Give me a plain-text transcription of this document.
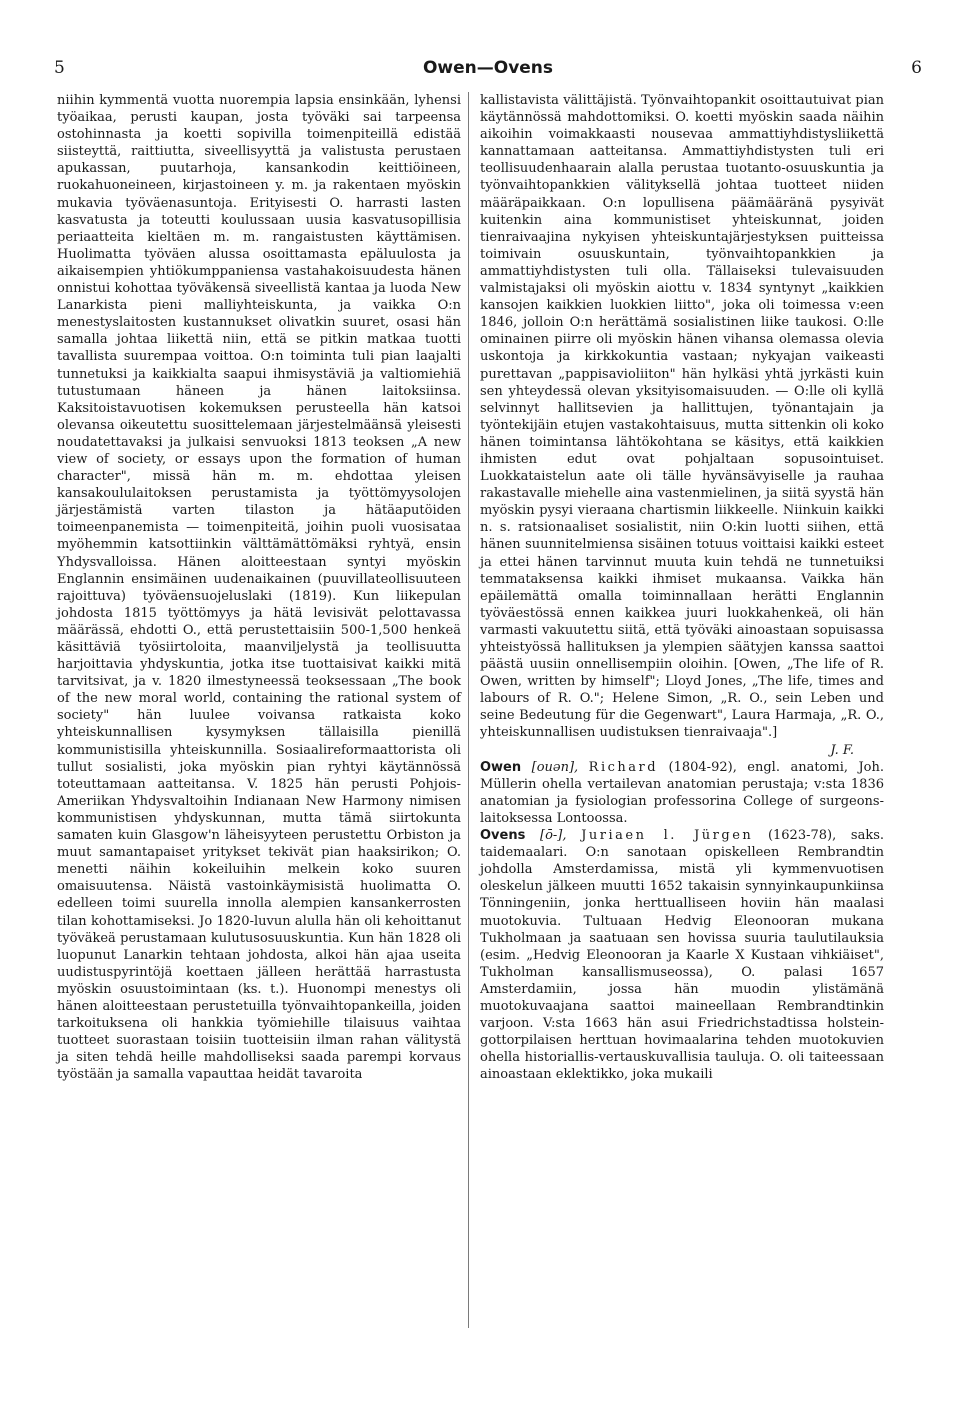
5	Owen—Ovens	6

niihin kymmentä vuotta nuorempia lapsia ensinkään, lyhensi työaikaa, perusti kaupan, josta työväki sai tarpeensa ostohinnasta ja koetti sopivilla toimenpiteillä edistää siisteyttä, raittiutta, siveellisyyttä ja valistusta perustaen apukassan, puutarhoja, kansankodin keittiöineen, ruokahuoneineen, kirjastoineen y. m. ja rakentaen myöskin mukavia työväenasuntoja. Erityisesti O. harrasti lasten kasvatusta ja toteutti koulussaan uusia kasvatusopillisia periaatteita kieltäen m. m. rangaistusten käyttämisen. Huolimatta työväen alussa osoittamasta epäluulosta ja aikaisempien yhtiökumppaniensa vastahakoisuudesta hänen onnistui kohottaa työväkensä siveellistä kantaa ja luoda New Lanarkista pieni malliyhteiskunta, ja vaikka O:n menestyslaitosten kustannukset olivatkin suuret, osasi hän samalla johtaa liikettä niin, että se pitkin matkaa tuotti tavallista suurempaa voittoa. O:n toiminta tuli pian laajalti tunnetuksi ja kaikkialta saapui ihmisystäviä ja valtiomiehiä tutustumaan häneen ja hänen laitoksiinsa. Kaksitoistavuotisen kokemuksen perusteella hän katsoi olevansa oikeutettu suosittelemaan järjestelmäänsä yleisesti noudatettavaksi ja julkaisi senvuoksi 1813 teoksen „A new view of society, or essays upon the formation of human character", missä hän m. m. ehdottaa yleisen kansakoululaitoksen perustamista ja työttömyysolojen järjestämistä varten tilaston ja hätäaputöiden toimeenpanemista — toimenpiteitä, joihin puoli vuosisataa myöhemmin katsottiinkin välttämättömäksi ryhtyä, ensin Yhdysvalloissa. Hänen aloitteestaan syntyi myöskin Englannin ensimäinen uudenaikainen (puuvillateollisuuteen rajoittuva) työväensuojeluslaki (1819). Kun liikepulan johdosta 1815 työttömyys ja hätä levisivät pelottavassa määrässä, ehdotti O., että perustettaisiin 500-1,500 henkeä käsittäviä työsiirtoloita, maanviljelystä ja teollisuutta harjoittavia yhdyskuntia, jotka itse tuottaisivat kaikki mitä tarvitsivat, ja v. 1820 ilmestyneessä teoksessaan „The book of the new moral world, containing the rational system of society" hän luulee voivansa ratkaista koko yhteiskunnallisen kysymyksen tällaisilla pienillä kommunistisilla yhteiskunnilla. Sosiaalireformaattorista oli tullut sosialisti, joka myöskin pian ryhtyi käytännössä toteuttamaan aatteitansa. V. 1825 hän perusti Pohjois-Ameriikan Yhdysvaltoihin Indianaan New Harmony nimisen kommunistisen yhdyskunnan, mutta tämä siirtokunta samaten kuin Glasgow'n läheisyyteen perustettu Orbiston ja muut samantapaiset yritykset tekivät pian haaksirikon; O. menetti näihin kokeiluihin melkein koko suuren omaisuutensa. Näistä vastoinkäymisistä huolimatta O. edelleen toimi suurella innolla alempien kansankerrosten tilan kohottamiseksi. Jo 1820-luvun alulla hän oli kehoittanut työväkeä perustamaan kulutusosuuskuntia. Kun hän 1828 oli luopunut Lanarkin tehtaan johdosta, alkoi hän ajaa useita uudistuspyrintöjä koettaen jälleen herättää harrastusta myöskin osuustoimintaan (ks. t.). Huonompi menestys oli hänen aloitteestaan perustetuilla työnvaihtopankeilla, joiden tarkoituksena oli hankkia työmiehille tilaisuus vaihtaa tuotteet suorastaan toisiin tuotteisiin ilman rahan välitystä ja siten tehdä heille mahdolliseksi saada parempi korvaus työstään ja samalla vapauttaa heidät tavaroita

kallistavista välittäjistä. Työnvaihtopankit osoittautuivat pian käytännössä mahdottomiksi. O. koetti myöskin saada näihin aikoihin voimakkaasti nousevaa ammattiyhdistysliikettä kannattamaan aatteitansa. Ammattiyhdistysten tuli eri teollisuudenhaarain alalla perustaa tuotanto-osuuskuntia ja työnvaihtopankkien välityksellä johtaa tuotteet niiden määräpaikkaan. O:n lopullisena päämääränä pysyivät kuitenkin aina kommunistiset yhteiskunnat, joiden tienraivaajina nykyisen yhteiskuntajärjestyksen puitteissa toimivain osuuskuntain, työnvaihtopankkien ja ammattiyhdistysten tuli olla. Tällaiseksi tulevaisuuden valmistajaksi oli myöskin aiottu v. 1834 syntynyt „kaikkien kansojen kaikkien luokkien liitto", joka oli toimessa v:een 1846, jolloin O:n herättämä sosialistinen liike taukosi. O:lle ominainen piirre oli myöskin hänen vihansa olemassa olevia uskontoja ja kirkkokuntia vastaan; nykyajan vaikeasti purettavan „pappisavioliiton" hän hylkäsi yhtä jyrkästi kuin sen yhteydessä olevan yksityisomaisuuden. — O:lle oli kyllä selvinnyt hallitsevien ja hallittujen, työnantajain ja työntekijäin etujen vastakohtaisuus, mutta sittenkin oli koko hänen toimintansa lähtökohtana se käsitys, että kaikkien ihmisten edut ovat pohjaltaan sopusointuiset. Luokkataistelun aate oli tälle hyvänsävyiselle ja rauhaa rakastavalle miehelle aina vastenmielinen, ja siitä syystä hän myöskin pysyi vieraana chartismin liikkeelle. Niinkuin kaikki n. s. ratsionaaliset sosialistit, niin O:kin luotti siihen, että hänen suunnitelmiensa sisäinen totuus voittaisi kaikki esteet ja ettei hänen tarvinnut muuta kuin tehdä ne tunnetuiksi temmataksensa kaikki ihmiset mukaansa. Vaikka hän epäilemättä omalla toiminnallaan herätti Englannin työväestössä ennen kaikkea juuri luokkahenkeä, oli hän varmasti vakuutettu siitä, että työväki ainoastaan sopuisassa yhteistyössä hallituksen ja ylempien säätyjen kanssa saattoi päästä uusiin onnellisempiin oloihin. [Owen, „The life of R. Owen, written by himself"; Lloyd Jones, „The life, times and labours of R. O."; Helene Simon, „R. O., sein Leben und seine Bedeutung für die Gegenwart", Laura Harmaja, „R. O., yhteiskunnallisen uudistuksen tienraivaaja".]

J. F.

Owen [ouən], Richard (1804-92), engl. anatomi, Joh. Müllerin ohella vertailevan anatomian perustaja; v:sta 1836 anatomian ja fysiologian professorina College of surgeons-laitoksessa Lontoossa.

Ovens [ō-], Juriaen l. Jürgen (1623-78), saks. taidemaalari. O:n sanotaan opiskelleen Rembrandtin johdolla Amsterdamissa, mistä yli kymmenvuotisen oleskelun jälkeen muutti 1652 takaisin synnyinkaupunkiinsa Tönningeniin, jonka herttualliseen hoviin hän maalasi muotokuvia. Tultuaan Hedvig Eleonooran mukana Tukholmaan ja saatuaan sen hovissa suuria taulutilauksia (esim. „Hedvig Eleonooran ja Kaarle X Kustaan vihkiäiset", Tukholman kansallismuseossa), O. palasi 1657 Amsterdamiin, jossa hän muodin ylistämänä muotokuvaajana saattoi maineellaan Rembrandtinkin varjoon. V:sta 1663 hän asui Friedrichstadtissa holstein-gottorpilaisen herttuan hovimaalarina tehden muotokuvien ohella historiallis-vertauskuvallisia tauluja. O. oli taiteessaan ainoastaan eklektikko, joka mukaili
